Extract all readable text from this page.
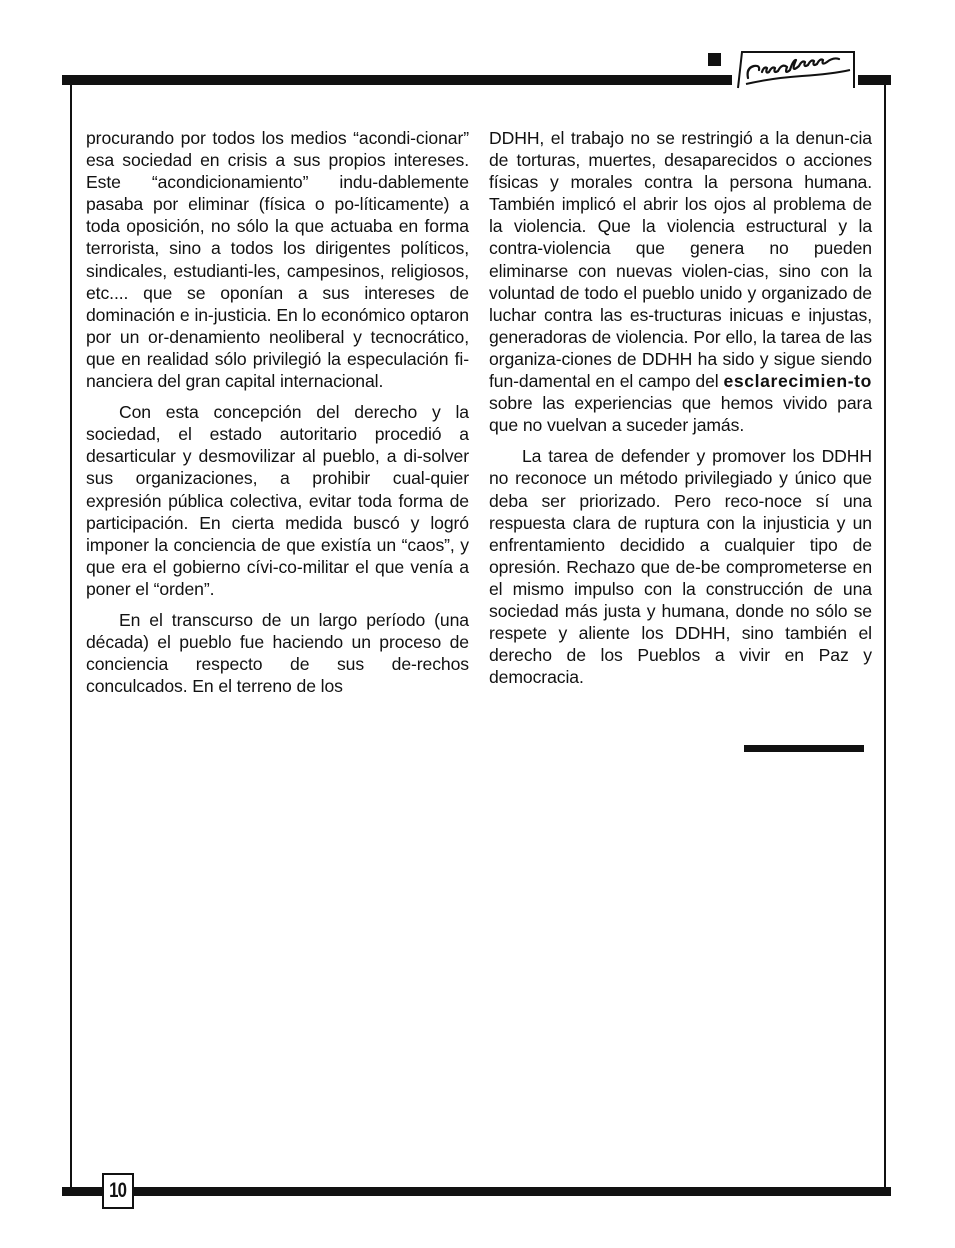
procurando por todos los medios “acondi-cionar” esa sociedad en crisis a sus propios intereses. Este “acondicionamiento” indu-dablemente pasaba por eliminar (física o po-líticamente) a toda oposición, no sólo la que actuaba en forma terrorista, sino a todos los dirigentes políticos, sindicales, estudianti-les, campesinos, religiosos, etc.... que se oponían a sus intereses de dominación e in-justicia. En lo económico optaron por un or-denamiento neoliberal y tecnocrático, que en realidad sólo privilegió la especulación fi-nanciera del gran capital internacional.

Con esta concepción del derecho y la sociedad, el estado autoritario procedió a desarticular y desmovilizar al pueblo, a di-solver sus organizaciones, a prohibir cual-quier expresión pública colectiva, evitar toda forma de participación. En cierta medida buscó y logró imponer la conciencia de que existía un “caos”, y que era el gobierno cívi-co-militar el que venía a poner el “orden”.

En el transcurso de un largo período (una década) el pueblo fue haciendo un proceso de conciencia respecto de sus de-rechos conculcados. En el terreno de los

DDHH, el trabajo no se restringió a la denun-cia de torturas, muertes, desaparecidos o acciones físicas y morales contra la persona humana. También implicó el abrir los ojos al problema de la violencia. Que la violencia estructural y la contra-violencia que genera no pueden eliminarse con nuevas violen-cias, sino con la voluntad de todo el pueblo unido y organizado de luchar contra las es-tructuras inicuas e injustas, generadoras de violencia. Por ello, la tarea de las organiza-ciones de DDHH ha sido y sigue siendo fun-damental en el campo del esclarecimien-to sobre las experiencias que hemos vivido para que no vuelvan a suceder jamás.

La tarea de defender y promover los DDHH no reconoce un método privilegiado y único que deba ser priorizado. Pero reco-noce sí una respuesta clara de ruptura con la injusticia y un enfrentamiento decidido a cualquier tipo de opresión. Rechazo que de-be comprometerse en el mismo impulso con la construcción de una sociedad más justa y humana, donde no sólo se respete y aliente los DDHH, sino también el derecho de los Pueblos a vivir en Paz y democracia.

10
